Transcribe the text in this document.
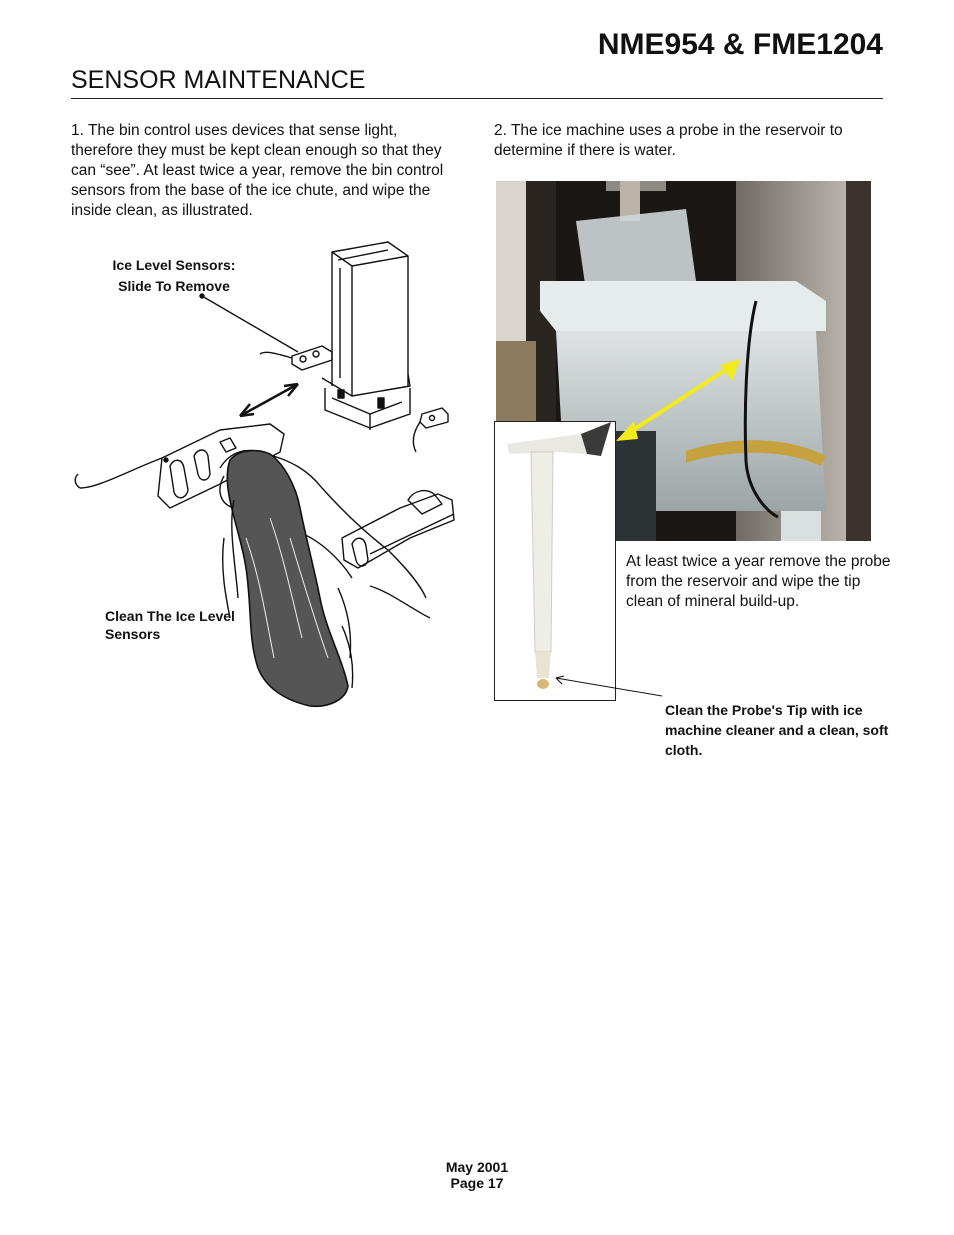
NME954 & FME1204
SENSOR MAINTENANCE
1. The bin control uses devices that sense light, therefore they must be kept clean enough so that they can “see”. At least twice a year, remove the bin control sensors from the base of the ice chute, and wipe the inside clean, as illustrated.
2. The ice machine uses a probe in the reservoir to determine if there is water.
Ice Level Sensors:
Slide To Remove
Clean The Ice Level Sensors
At least twice a year remove the probe from the reservoir and wipe the tip clean of mineral build-up.
Clean the Probe's Tip with ice machine cleaner and a clean, soft cloth.
May 2001
Page 17
